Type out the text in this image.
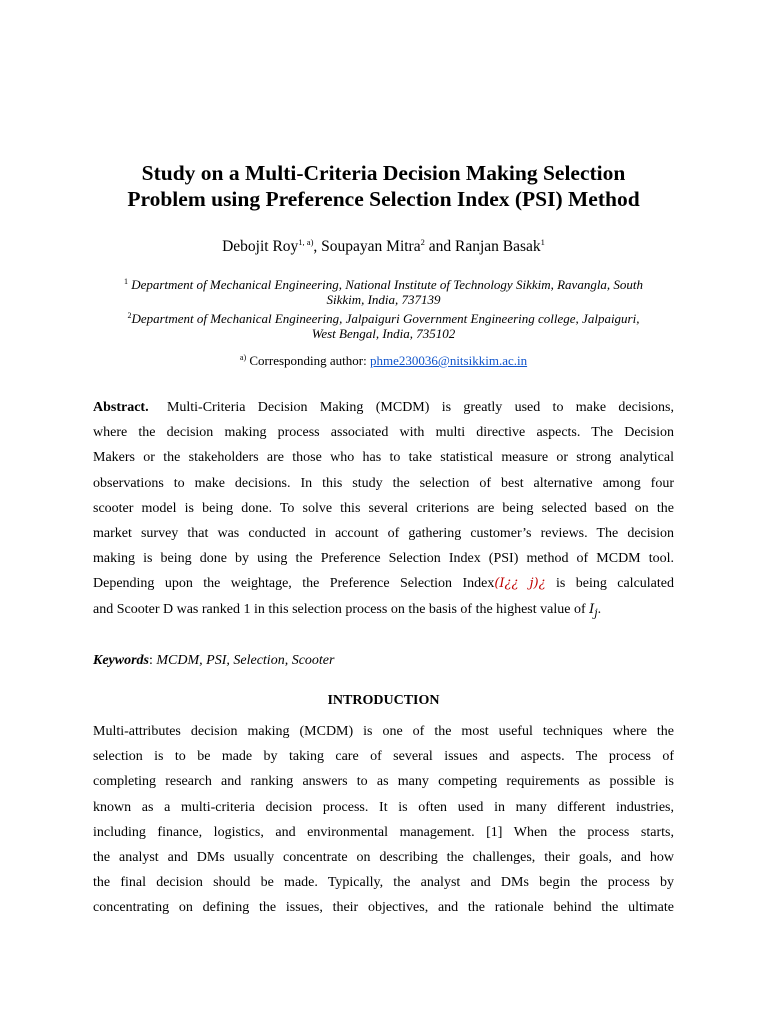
Study on a Multi-Criteria Decision Making Selection
Problem using Preference Selection Index (PSI) Method
Debojit Roy$^{1, a)}$, Soupayan Mitra$^2$ and Ranjan Basak$^1$
$^1$ Department of Mechanical Engineering, National Institute of Technology Sikkim, Ravangla, South
Sikkim, India, 737139
$^2$Department of Mechanical Engineering, Jalpaiguri Government Engineering college, Jalpaiguri,
West Bengal, India, 735102
$^{a)}$ Corresponding author: phme230036@nitsikkim.ac.in
Abstract. Multi-Criteria Decision Making (MCDM) is greatly used to make decisions,
where the decision making process associated with multi directive aspects. The Decision
Makers or the stakeholders are those who has to take statistical measure or strong analytical
observations to make decisions. In this study the selection of best alternative among four
scooter model is being done. To solve this several criterions are being selected based on the
market survey that was conducted in account of gathering customer’s reviews. The decision
making is being done by using the Preference Selection Index (PSI) method of MCDM tool.
Depending upon the weightage, the Preference Selection Index(I¿¿ j)¿ is being calculated
and Scooter D was ranked 1 in this selection process on the basis of the highest value of $I_j$.
Keywords: MCDM, PSI, Selection, Scooter
INTRODUCTION
Multi-attributes decision making (MCDM) is one of the most useful techniques where the
selection is to be made by taking care of several issues and aspects. The process of
completing research and ranking answers to as many competing requirements as possible is
known as a multi-criteria decision process. It is often used in many different industries,
including finance, logistics, and environmental management. [1] When the process starts,
the analyst and DMs usually concentrate on describing the challenges, their goals, and how
the final decision should be made. Typically, the analyst and DMs begin the process by
concentrating on defining the issues, their objectives, and the rationale behind the ultimate
